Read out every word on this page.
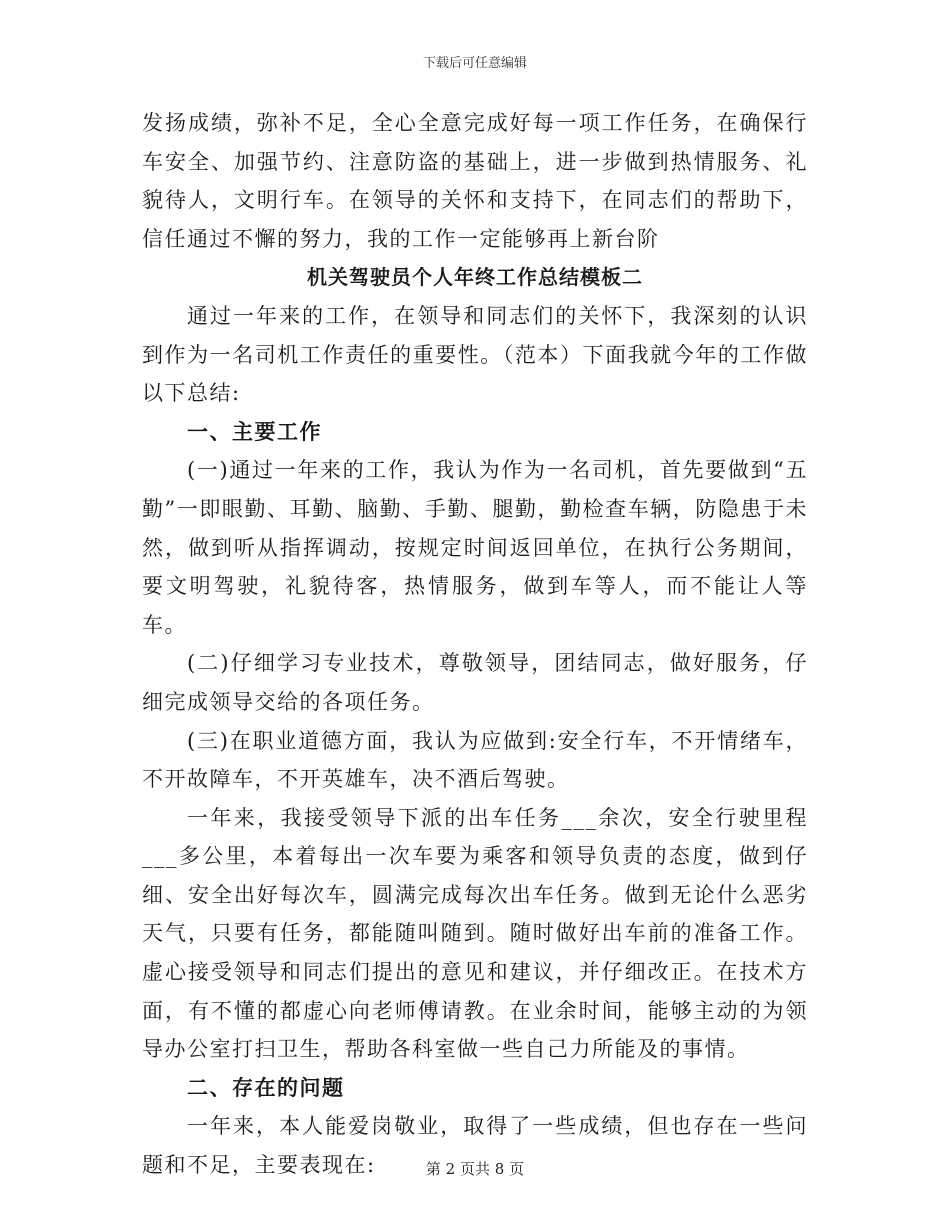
下载后可任意编辑

发扬成绩，弥补不足，全心全意完成好每一项工作任务，在确保行车安全、加强节约、注意防盗的基础上，进一步做到热情服务、礼貌待人，文明行车。在领导的关怀和支持下，在同志们的帮助下，信任通过不懈的努力，我的工作一定能够再上新台阶

机关驾驶员个人年终工作总结模板二

通过一年来的工作，在领导和同志们的关怀下，我深刻的认识到作为一名司机工作责任的重要性。（范本）下面我就今年的工作做以下总结:

一、主要工作

(一)通过一年来的工作，我认为作为一名司机，首先要做到“五勤”一即眼勤、耳勤、脑勤、手勤、腿勤，勤检查车辆，防隐患于未然，做到听从指挥调动，按规定时间返回单位，在执行公务期间，要文明驾驶，礼貌待客，热情服务，做到车等人，而不能让人等车。

(二)仔细学习专业技术，尊敬领导，团结同志，做好服务，仔细完成领导交给的各项任务。

(三)在职业道德方面，我认为应做到:安全行车，不开情绪车，不开故障车，不开英雄车，决不酒后驾驶。

一年来，我接受领导下派的出车任务___余次，安全行驶里程___多公里，本着每出一次车要为乘客和领导负责的态度，做到仔细、安全出好每次车，圆满完成每次出车任务。做到无论什么恶劣天气，只要有任务，都能随叫随到。随时做好出车前的准备工作。虚心接受领导和同志们提出的意见和建议，并仔细改正。在技术方面，有不懂的都虚心向老师傅请教。在业余时间，能够主动的为领导办公室打扫卫生，帮助各科室做一些自己力所能及的事情。

二、存在的问题

一年来，本人能爱岗敬业，取得了一些成绩，但也存在一些问题和不足，主要表现在:	第 2 页共 8 页
